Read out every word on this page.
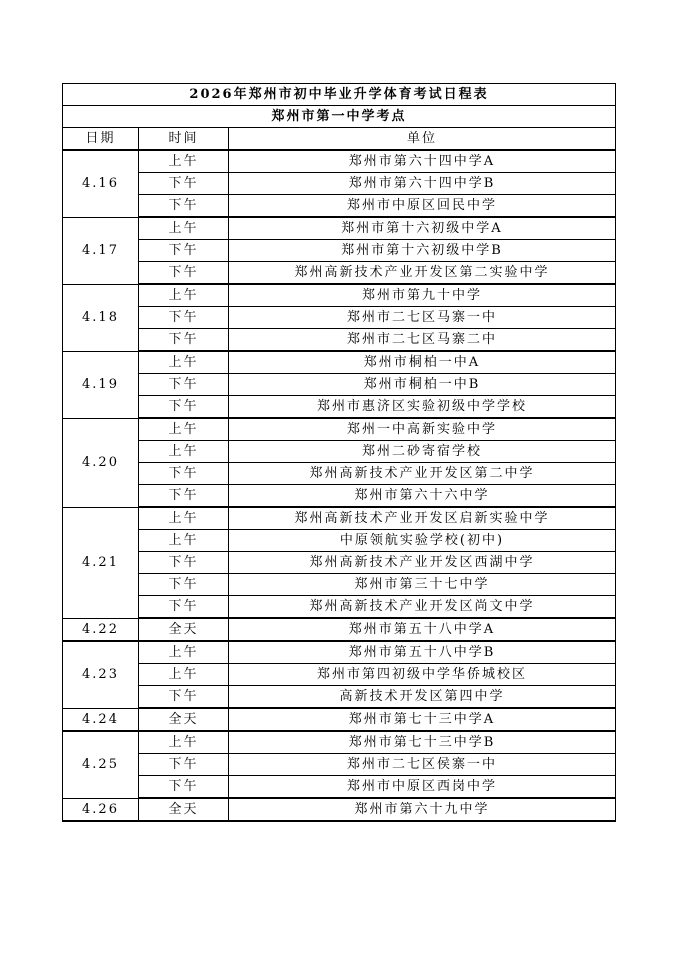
2026年郑州市初中毕业升学体育考试日程表		
郑州市第一中学考点		
日期	时间	单位
4.16	上午	郑州市第六十四中学A
	下午	郑州市第六十四中学B
	下午	郑州市中原区回民中学
4.17	上午	郑州市第十六初级中学A
	下午	郑州市第十六初级中学B
	下午	郑州高新技术产业开发区第二实验中学
4.18	上午	郑州市第九十中学
	下午	郑州市二七区马寨一中
	下午	郑州市二七区马寨二中
4.19	上午	郑州市桐柏一中A
	下午	郑州市桐柏一中B
	下午	郑州市惠济区实验初级中学学校
4.20	上午	郑州一中高新实验中学
	上午	郑州二砂寄宿学校
	下午	郑州高新技术产业开发区第二中学
	下午	郑州市第六十六中学
4.21	上午	郑州高新技术产业开发区启新实验中学
	上午	中原领航实验学校(初中)
	下午	郑州高新技术产业开发区西湖中学
	下午	郑州市第三十七中学
	下午	郑州高新技术产业开发区尚文中学
4.22	全天	郑州市第五十八中学A
4.23	上午	郑州市第五十八中学B
	上午	郑州市第四初级中学华侨城校区
	下午	高新技术开发区第四中学
4.24	全天	郑州市第七十三中学A
4.25	上午	郑州市第七十三中学B
	下午	郑州市二七区侯寨一中
	下午	郑州市中原区西岗中学
4.26	全天	郑州市第六十九中学
